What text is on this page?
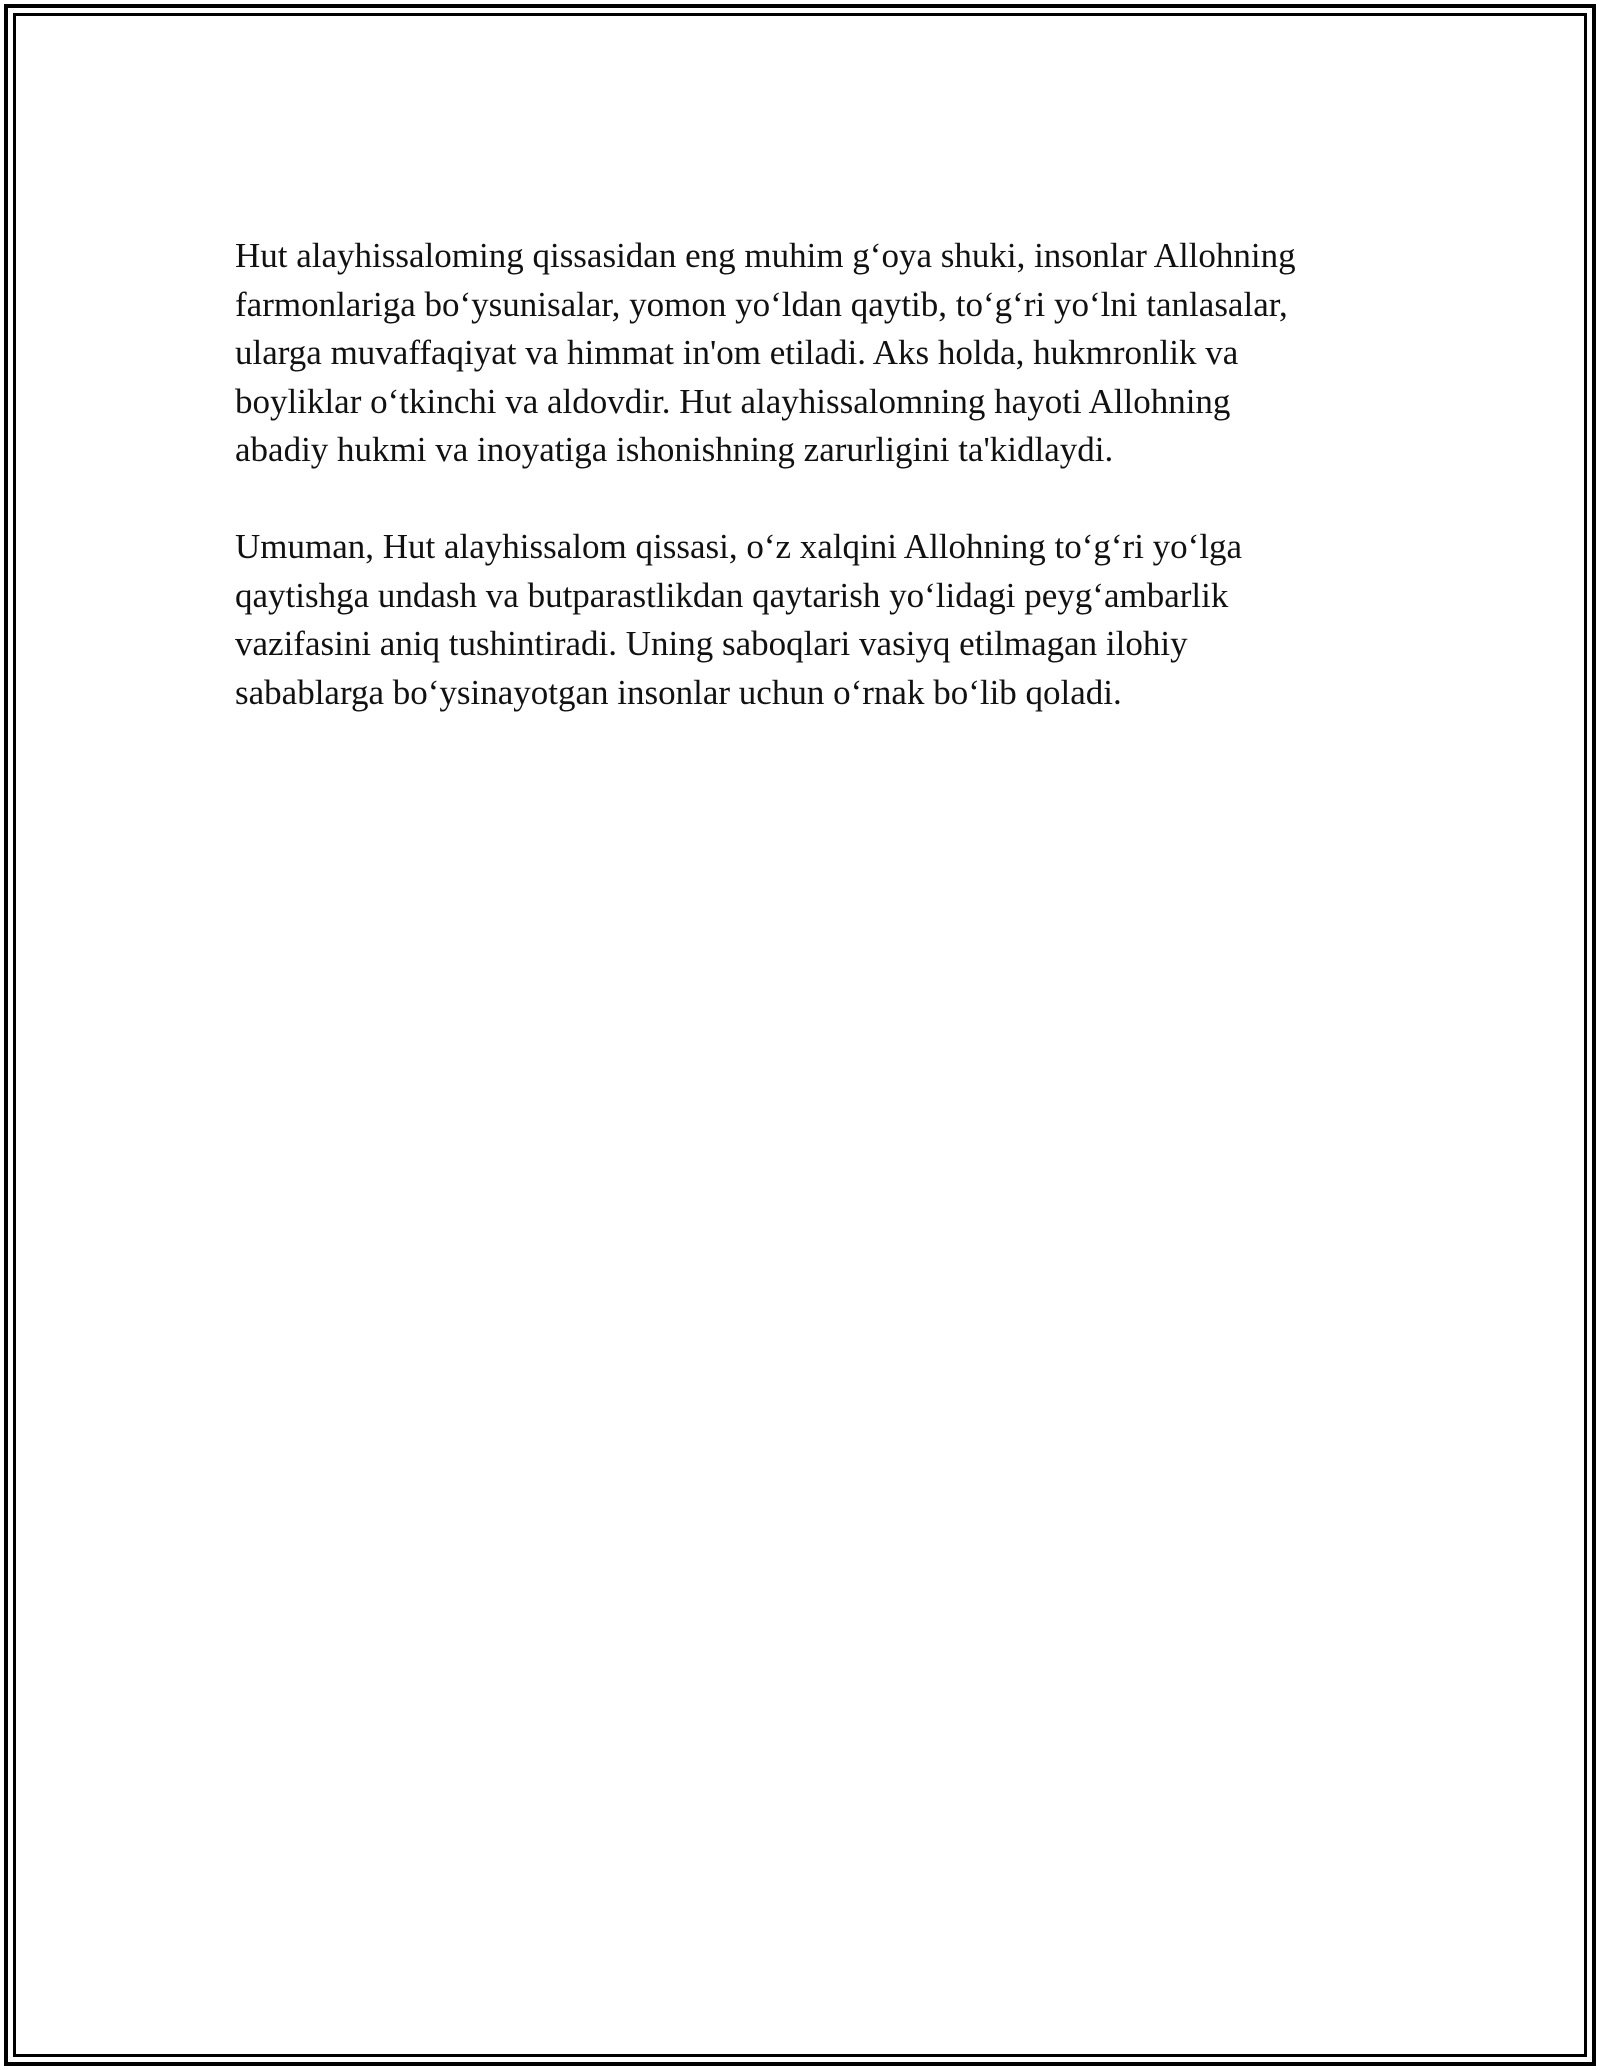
Hut alayhissaloming qissasidan eng muhim g‘oya shuki, insonlar Allohning
farmonlariga bo‘ysunisalar, yomon yo‘ldan qaytib, to‘g‘ri yo‘lni tanlasalar,
ularga muvaffaqiyat va himmat in'om etiladi. Aks holda, hukmronlik va
boyliklar o‘tkinchi va aldovdir. Hut alayhissalomning hayoti Allohning
abadiy hukmi va inoyatiga ishonishning zarurligini ta'kidlaydi.

Umuman, Hut alayhissalom qissasi, o‘z xalqini Allohning to‘g‘ri yo‘lga
qaytishga undash va butparastlikdan qaytarish yo‘lidagi peyg‘ambarlik
vazifasini aniq tushintiradi. Uning saboqlari vasiyq etilmagan ilohiy
sabablarga bo‘ysinayotgan insonlar uchun o‘rnak bo‘lib qoladi.
